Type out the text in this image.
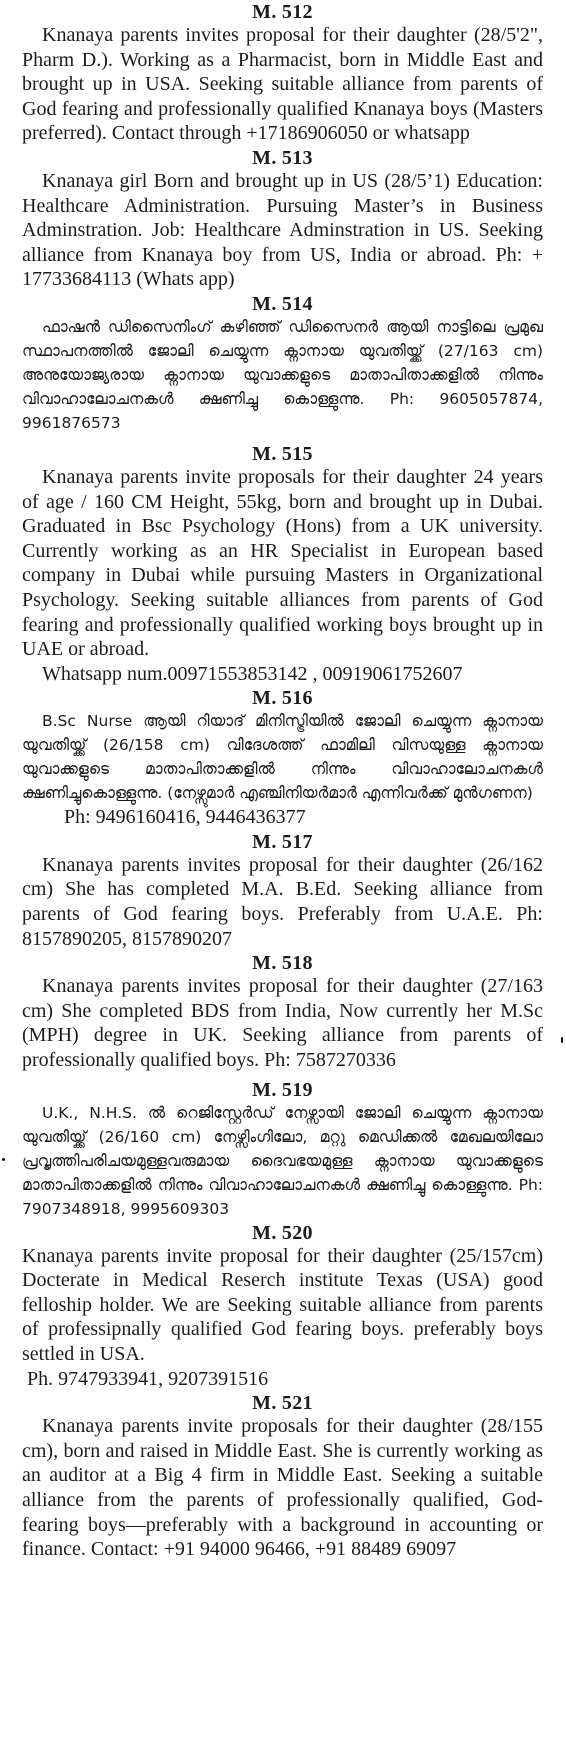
M. 512

Knanaya parents invites proposal for their daughter (28/5'2", Pharm D.). Working as a Pharmacist, born in Middle East and brought up in USA. Seeking suitable alliance from parents of God fearing and professionally qualified Knanaya boys (Masters preferred). Contact through +17186906050 or whatsapp

M. 513

Knanaya girl Born and brought up in US (28/5’1) Education: Healthcare Administration. Pursuing Master’s in Business Adminstration. Job: Healthcare Adminstration in US. Seeking alliance from Knanaya boy from US, India or abroad. Ph: + 17733684113 (Whats app)

M. 514

ഫാഷൻ ഡിസൈനിംഗ് കഴിഞ്ഞ് ഡിസൈനർ ആയി നാട്ടിലെ പ്രമുഖ സ്ഥാപനത്തിൽ ജോലി ചെയ്യുന്ന ക്നാനായ യുവതിയ്ക്ക് (27/163 cm) അനുയോജ്യരായ ക്നാനായ യുവാക്കളുടെ മാതാപിതാക്കളിൽ നിന്നും വിവാഹാലോചനകൾ ക്ഷണിച്ചു കൊള്ളുന്നു. Ph: 9605057874, 9961876573

M. 515

Knanaya parents invite proposals for their daughter 24 years of age / 160 CM Height, 55kg, born and brought up in Dubai. Graduated in Bsc Psychology (Hons) from a UK university. Currently working as an HR Specialist in European based company in Dubai while pursuing Masters in Organizational Psychology. Seeking suitable alliances from parents of God fearing and professionally qualified working boys brought up in UAE or abroad.

Whatsapp num.00971553853142 , 00919061752607

M. 516

B.Sc Nurse ആയി റിയാദ് മിനിസ്ട്രിയിൽ ജോലി ചെയ്യുന്ന ക്നാനായ യുവതിയ്ക്ക് (26/158 cm) വിദേശത്ത് ഫാമിലി വിസയുള്ള ക്നാനായ യുവാക്കളുടെ മാതാപിതാക്കളിൽ നിന്നും വിവാഹാലോചനകൾ ക്ഷണിച്ചുകൊള്ളുന്നു. (നേഴ്സുമാർ എഞ്ചിനിയർമാർ എന്നിവർക്ക് മുൻഗണന)

Ph: 9496160416, 9446436377

M. 517

Knanaya parents invites proposal for their daughter (26/162 cm) She has completed M.A. B.Ed. Seeking alliance from parents of God fearing boys. Preferably from U.A.E. Ph: 8157890205, 8157890207

M. 518

Knanaya parents invites proposal for their daughter (27/163 cm) She completed BDS from India, Now currently her M.Sc (MPH) degree in UK. Seeking alliance from parents of professionally qualified boys. Ph: 7587270336

M. 519

U.K., N.H.S. ൽ റെജിസ്റ്റേർഡ് നേഴ്സായി ജോലി ചെയ്യുന്ന ക്നാനായ യുവതിയ്ക്ക് (26/160 cm) നേഴ്സിംഗിലോ, മറ്റു മെഡിക്കൽ മേഖലയിലോ പ്രവൃത്തിപരിചയമുള്ളവരുമായ ദൈവഭയമുള്ള ക്നാനായ യുവാക്കളുടെ മാതാപിതാക്കളിൽ നിന്നും വിവാഹാലോചനകൾ ക്ഷണിച്ചു കൊള്ളുന്നു. Ph: 7907348918, 9995609303

M. 520

Knanaya parents invite proposal for their daughter (25/157cm) Docterate in Medical Reserch institute Texas (USA) good felloship holder. We are Seeking suitable alliance from parents of professipnally qualified God fearing boys. preferably boys settled in USA.

Ph. 9747933941, 9207391516

M. 521

Knanaya parents invite proposals for their daughter (28/155 cm), born and raised in Middle East. She is currently working as an auditor at a Big 4 firm in Middle East. Seeking a suitable alliance from the parents of professionally qualified, God-fearing boys—preferably with a background in accounting or finance. Contact: +91 94000 96466, +91 88489 69097
